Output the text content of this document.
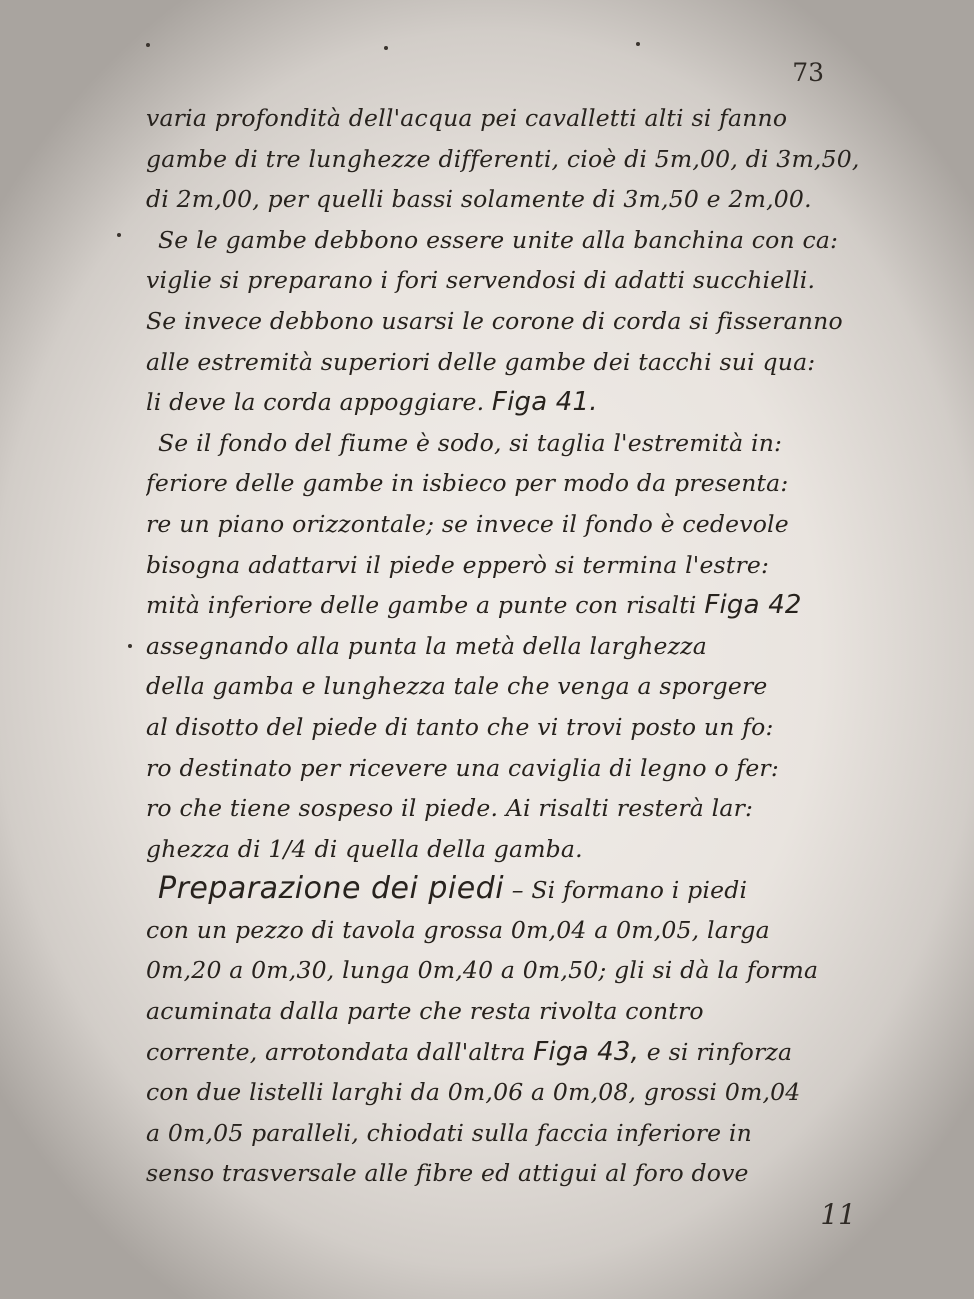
73
varia profondità dell'acqua pei cavalletti alti si fanno
gambe di tre lunghezze differenti, cioè di 5m,00, di 3m,50,
di 2m,00, per quelli bassi solamente di 3m,50 e 2m,00.
Se le gambe debbono essere unite alla banchina con ca:
viglie si preparano i fori servendosi di adatti succhielli.
Se invece debbono usarsi le corone di corda si fisseranno
alle estremità superiori delle gambe dei tacchi sui qua:
li deve la corda appoggiare. Figa 41.
Se il fondo del fiume è sodo, si taglia l'estremità in:
feriore delle gambe in isbieco per modo da presenta:
re un piano orizzontale; se invece il fondo è cedevole
bisogna adattarvi il piede epperò si termina l'estre:
mità inferiore delle gambe a punte con risalti Figa 42
assegnando alla punta la metà della larghezza
della gamba e lunghezza tale che venga a sporgere
al disotto del piede di tanto che vi trovi posto un fo:
ro destinato per ricevere una caviglia di legno o fer:
ro che tiene sospeso il piede. Ai risalti resterà lar:
ghezza di 1/4 di quella della gamba.
Preparazione dei piedi – Si formano i piedi
con un pezzo di tavola grossa 0m,04 a 0m,05, larga
0m,20 a 0m,30, lunga 0m,40 a 0m,50; gli si dà la forma
acuminata dalla parte che resta rivolta contro
corrente, arrotondata dall'altra Figa 43, e si rinforza
con due listelli larghi da 0m,06 a 0m,08, grossi 0m,04
a 0m,05 paralleli, chiodati sulla faccia inferiore in
senso trasversale alle fibre ed attigui al foro dove
11
